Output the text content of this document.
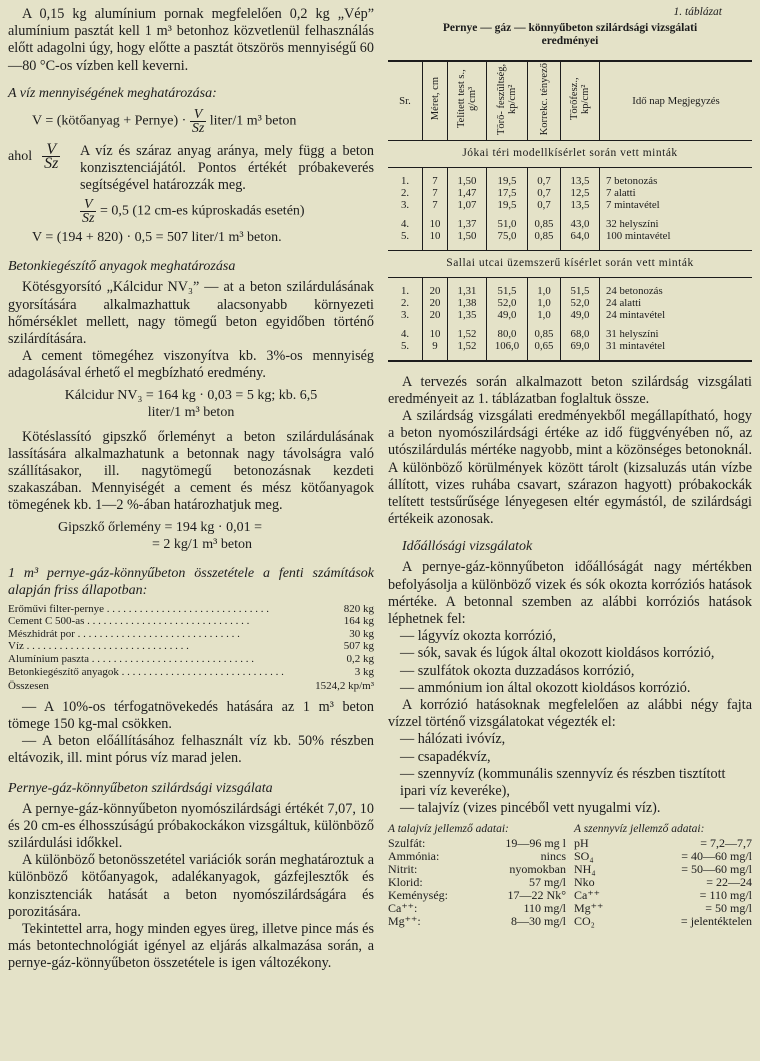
A 0,15 kg alumínium pornak megfelelően 0,2 kg „Vép” alumínium pasztát kell 1 m³ betonhoz közvetlenül felhasználás előtt adagolni úgy, hogy előtte a pasztát ötszörös mennyiségű 60—80 °C-os vízben kell keverni.

A víz mennyiségének meghatározása:

V = (kötőanyag + Pernye) · $\frac{V}{Sz}$ liter/1 m³ beton
ahol $\frac{V}{Sz}$ A víz és száraz anyag aránya, mely függ a beton konzisztenciájától. Pontos értékét próbakeverés segítségével határozzák meg.

$\frac{V}{Sz} = 0,5$ (12 cm-es kúproskadás esetén)
V = (194 + 820) · 0,5 = 507 liter/1 m³ beton.

Betonkiegészítő anyagok meghatározása

Kötésgyorsító „Kálcidur NV₃” — at a beton szilárdulásának gyorsítására alkalmazhattuk alacsonyabb környezeti hőmérséklet mellett, nagy tömegű beton egyidőben történő szilárdítására.

A cement tömegéhez viszonyítva kb. 3%-os mennyiség adagolásával érhető el megbízható eredmény.

Kálcidur NV₃ = 164 kg · 0,03 = 5 kg; kb. 6,5
liter/1 m³ beton

Kötéslassító gipszkő őrleményt a beton szilárdulásának lassítására alkalmazhatunk a betonnak nagy távolságra való szállításakor, ill. nagytömegű betonozásnak kezdeti szakaszában. Mennyiségét a cement és mész kötőanyagok tömegének kb. 1—2 %-ában határozhatjuk meg.

Gipszkő őrlemény = 194 kg · 0,01 =
= 2 kg/1 m³ beton

1 m³ pernye-gáz-könnyűbeton összetétele a fenti számítások alapján friss állapotban:

Erőművi filter-pernye . . .	820 kg
Cement C 500-as . . .	164 kg
Mészhidrát por . . .	30 kg
Víz . . .	507 kg
Alumínium paszta . . .	0,2 kg
Betonkiegészítő anyagok . . .	3 kg
Összesen	1524,2 kp/m³

— A 10%-os térfogatnövekedés hatására az 1 m³ beton tömege 150 kg-mal csökken.

— A beton előállításához felhasznált víz kb. 50% részben eltávozik, ill. mint pórus víz marad jelen.

Pernye-gáz-könnyűbeton szilárdsági vizsgálata

A pernye-gáz-könnyűbeton nyomószilárdsági értékét 7,07, 10 és 20 cm-es élhosszúságú próbakockákon vizsgáltuk, különböző szilárdulási időkkel.

A különböző betonösszetétel variációk során meghatároztuk a különböző kötőanyagok, adalékanyagok, gázfejlesztők és konzisztenciák hatását a beton nyomószilárdságára és porozitására.

Tekintettel arra, hogy minden egyes üreg, illetve pince más és más betontechnológiát igényel az eljárás alkalmazása során, a pernye-gáz-könnyűbeton összetétele is igen változékony.

1. táblázat
Pernye — gáz — könnyűbeton szilárdsági vizsgálati
eredményei
Sr.	Méret, cm	Telített test s., g/cm³	Törő- feszültség, kp/cm²	Korrekc. tényező	Törőfesz., kp/cm²	Idő nap Megjegyzés
Jókai téri modellkísérlet során vett minták						

1.	7	1,50	19,5	0,7	13,5	7 betonozás
2.	7	1,47	17,5	0,7	12,5	7 alatti
3.	7	1,07	19,5	0,7	13,5	7 mintavétel

4.	10	1,37	51,0	0,85	43,0	32 helyszíni
5.	10	1,50	75,0	0,85	64,0	100 mintavétel

Sallai utcai üzemszerű kísérlet során vett minták						

1.	20	1,31	51,5	1,0	51,5	24 betonozás
2.	20	1,38	52,0	1,0	52,0	24 alatti
3.	20	1,35	49,0	1,0	49,0	24 mintavétel

4.	10	1,52	80,0	0,85	68,0	31 helyszíni
5.	9	1,52	106,0	0,65	69,0	31 mintavétel

A tervezés során alkalmazott beton szilárdság vizsgálati eredményeit az 1. táblázatban foglaltuk össze.

A szilárdság vizsgálati eredményekből megállapítható, hogy a beton nyomószilárdsági értéke az idő függvényében nő, az utószilárdulás mértéke nagyobb, mint a közönséges betonoknál. A különböző körülmények között tárolt (kizsaluzás után vízbe állított, vizes ruhába csavart, szárazon hagyott) próbakockák telített testsűrűsége lényegesen eltér egymástól, de szilárdsági értékeik azonosak.

Időállósági vizsgálatok

A pernye-gáz-könnyűbeton időállóságát nagy mértékben befolyásolja a különböző vizek és sók okozta korróziós hatások mértéke. A betonnal szemben az alábbi korróziós hatások léphetnek fel:

— lágyvíz okozta korrózió,
— sók, savak és lúgok által okozott kioldásos korrózió,
— szulfátok okozta duzzadásos korrózió,
— ammónium ion által okozott kioldásos korrózió.

A korrózió hatásoknak megfelelően az alábbi négy fajta vízzel történő vizsgálatokat végezték el:

— hálózati ivóvíz,
— csapadékvíz,
— szennyvíz (kommunális szennyvíz és részben tisztított ipari víz keveréke),
— talajvíz (vizes pincéből vett nyugalmi víz).
A talajvíz jellemző adatai:
Szulfát:	19—96 mg l
Ammónia:	nincs
Nitrit:	nyomokban
Klorid:	57 mg/l
Keménység:	17—22 Nk°
Ca⁺⁺:	110 mg/l
Mg⁺⁺:	8—30 mg/l
A szennyvíz jellemző adatai:
pH	= 7,2—7,7
SO₄	= 40—60 mg/l
NH₄	= 50—60 mg/l
Nko	= 22—24
Ca⁺⁺	= 110 mg/l
Mg⁺⁺	= 50 mg/l
CO₂	= jelentéktelen
